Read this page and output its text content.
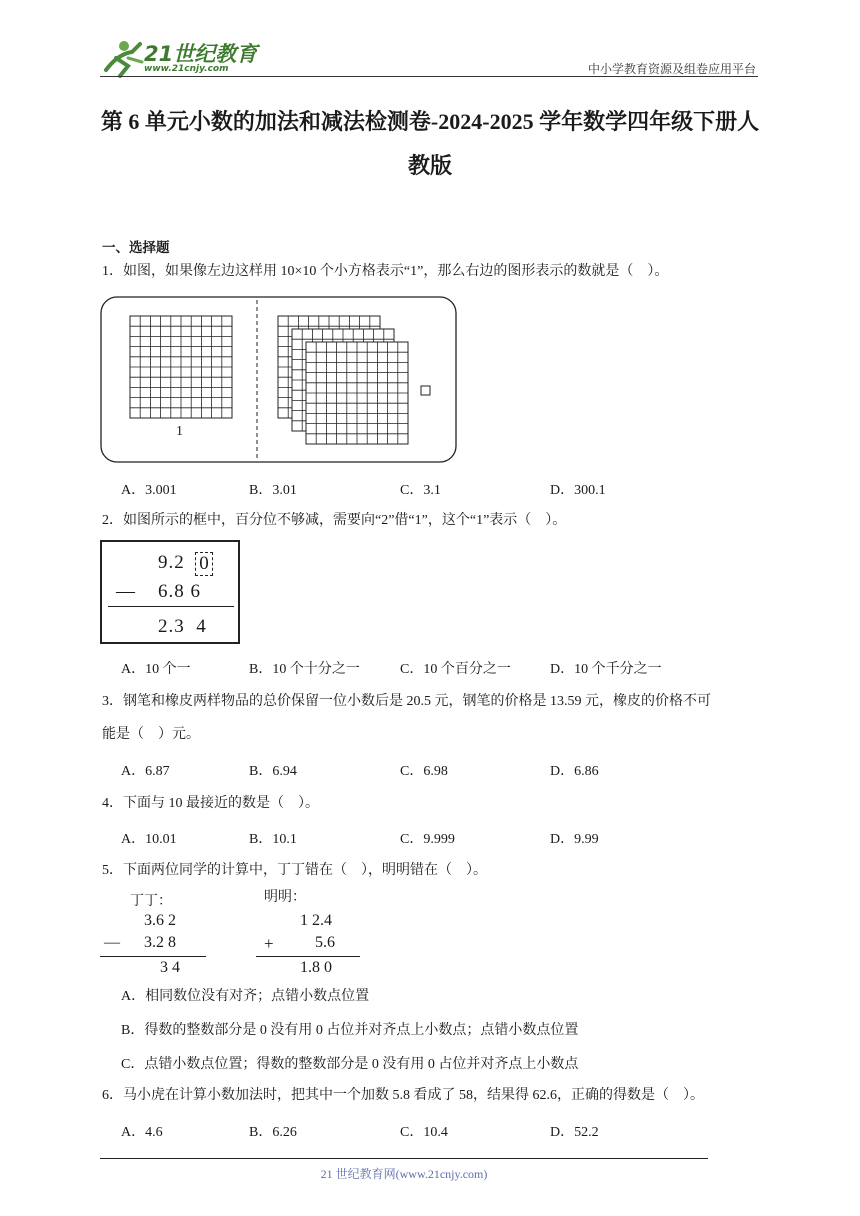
21世纪教育
www.21cnjy.com	中小学教育资源及组卷应用平台
第 6 单元小数的加法和减法检测卷-2024-2025 学年数学四年级下册人
教版
一、选择题
1．如图，如果像左边这样用 10×10 个小方格表示“1”，那么右边的图形表示的数就是（　）。
1
A．3.001	B．3.01	C．3.1	D．300.1
2．如图所示的框中，百分位不够减，需要向“2”借“1”，这个“1”表示（　）。
9.2 0
— 6.8 6
2.3  4
A．10 个一	B．10 个十分之一	C．10 个百分之一	D．10 个千分之一
3．钢笔和橡皮两样物品的总价保留一位小数后是 20.5 元，钢笔的价格是 13.59 元，橡皮的价格不可
能是（　）元。
A．6.87	B．6.94	C．6.98	D．6.86
4．下面与 10 最接近的数是（　）。
A．10.01	B．10.1	C．9.999	D．9.99
5．下面两位同学的计算中，丁丁错在（　），明明错在（　）。
丁丁：
3.6 2
— 3.2 8
3 4
明明：
1 2.4
+	5.6
1.8 0
A．相同数位没有对齐；点错小数点位置
B．得数的整数部分是 0 没有用 0 占位并对齐点上小数点；点错小数点位置
C．点错小数点位置；得数的整数部分是 0 没有用 0 占位并对齐点上小数点
6．马小虎在计算小数加法时，把其中一个加数 5.8 看成了 58，结果得 62.6，正确的得数是（　）。
A．4.6	B．6.26	C．10.4	D．52.2
21 世纪教育网(www.21cnjy.com)
